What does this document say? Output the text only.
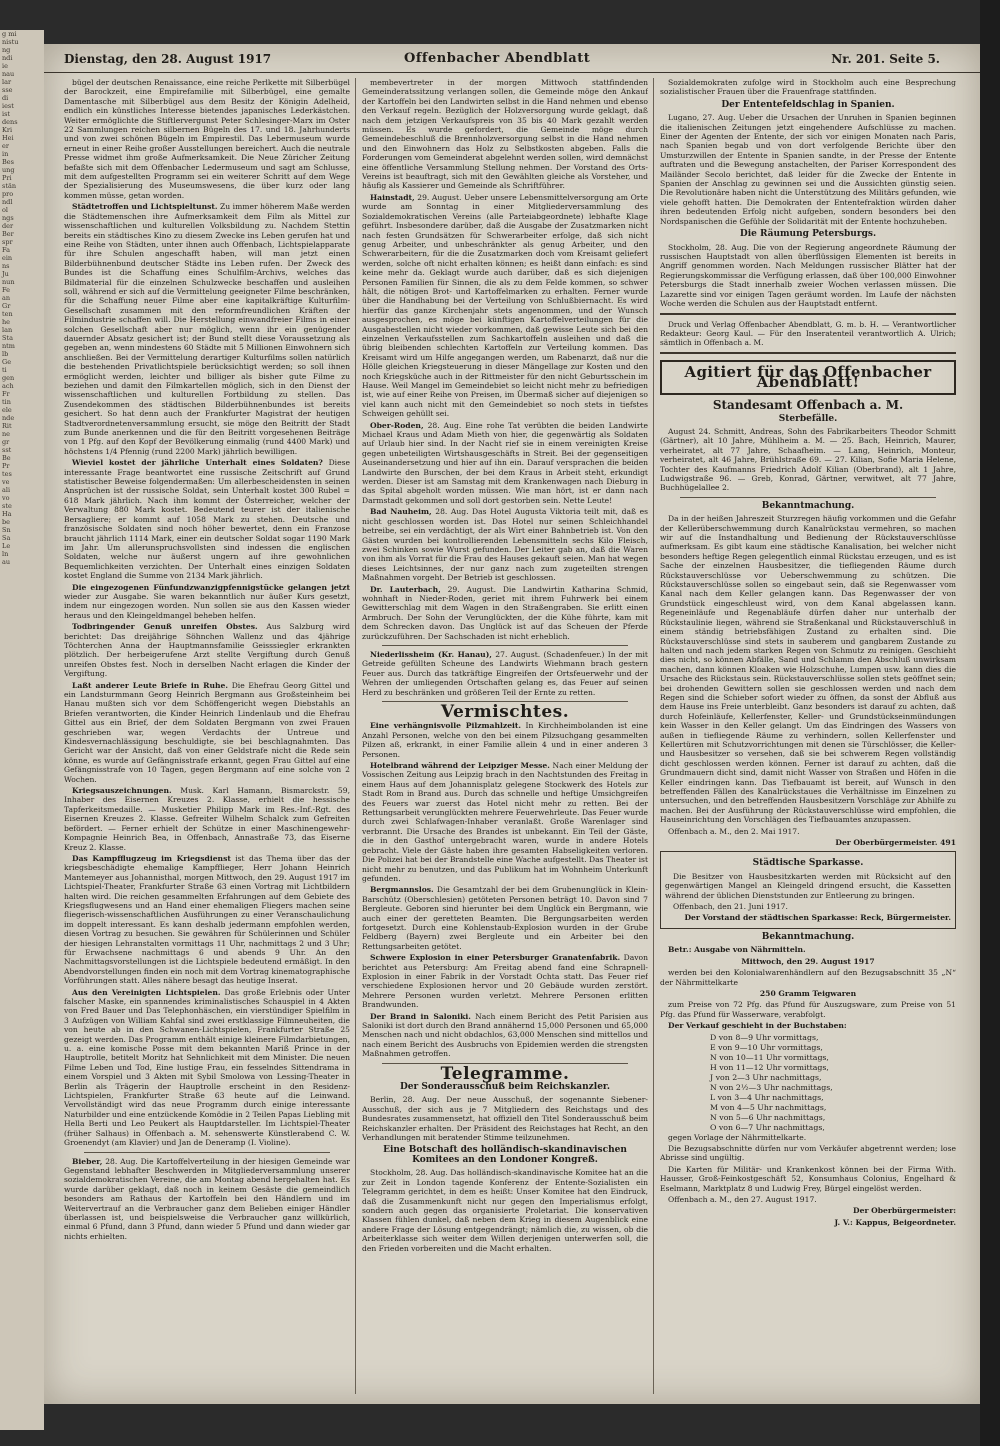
g mi
nistu
ng
ndi
ie
nau
lar
sse
di
iest
ist
dens
Kri
Hei
er
in
Bes
ung
Pri
stän
pro
ndl
ol
ngs
der
Ber
spr
Fa
ein
ns
Ju
nun
Fe
an
Gr
ten
he
lan
Sta
ntm
lb
Ge
ti
gen
ach
Fr
tin
ele
nde
Rit
ne
gr
sst
Be
Pr
tes
ve
ali
vo
ste
Ha
be
Sn
Sa
Le
ln
au
Dienstag, den 28. August 1917	Offenbacher Abendblatt	Nr. 201. Seite 5.

bügel der deutschen Renaissance, eine reiche Perlkette mit Silberbügel der Barockzeit, eine Empirefamilie mit Silberbügel, eine gemalte Damentasche mit Silberbügel aus dem Besitz der Königin Adelheid, endlich ein künstliches Interesse bietendes japanisches Lederkästchen. Weiter ermöglichte die Stiftlervergunst Peter Schlesinger-Marx im Oster 22 Sammlungen reichen silbernen Bügeln des 17. und 18. Jahrhunderts und von zwei schönen Bügeln im Empirestil. Das Lebermuseum wurde erneut in einer Reihe großer Ausstellungen bereichert. Auch die neutrale Presse widmet ihm große Aufmerksamkeit. Die Neue Züricher Zeitung befaßte sich mit dem Offenbacher Ledermuseum und sagt am Schlusse, mit dem aufgestellten Programm sei ein weiterer Schritt auf dem Wege der Spezialisierung des Museumswesens, die über kurz oder lang kommen müsse, getan worden.

Städtetroffen und Lichtspieltunst. Zu immer höherem Maße werden die Städtemenschen ihre Aufmerksamkeit dem Film als Mittel zur wissenschaftlichen und kulturellen Volksbildung zu. Nachdem Stettin bereits ein städtisches Kino zu diesem Zwecke ins Leben gerufen hat und eine Reihe von Städten, unter ihnen auch Offenbach, Lichtspielapparate für ihre Schulen angeschafft haben, will man jetzt einen Bilderbühnenbund deutscher Städte ins Leben rufen. Der Zweck des Bundes ist die Schaffung eines Schulfilm-Archivs, welches das Bildmaterial für die einzelnen Schulzwecke beschaffen und ausleihen soll, während er sich auf die Vermittelung geeigneter Filme beschränken, für die Schaffung neuer Filme aber eine kapitalkräftige Kulturfilm-Gesellschaft zusammen mit den reformfreundlichen Kräften der Filmindustrie schaffen will. Die Herstellung einwandfreier Films in einer solchen Gesellschaft aber nur möglich, wenn ihr ein genügender dauernder Absatz gesichert ist; der Bund stellt diese Voraussetzung als gegeben an, wenn mindestens 60 Städte mit 5 Millionen Einwohnern sich anschließen. Bei der Vermittelung derartiger Kulturfilms sollen natürlich die bestehenden Privatlichtspiele berücksichtigt werden; so soll ihnen ermöglicht werden, leichter und billiger als bisher gute Filme zu beziehen und damit den Filmkartellen möglich, sich in den Dienst der wissenschaftlichen und kulturellen Fortbildung zu stellen. Das Zusendekommen des städtischen Bilderbühnenbundes ist bereits gesichert. So hat denn auch der Frankfurter Magistrat der heutigen Stadtverordnetenversammlung ersucht, sie möge den Beitritt der Stadt zum Bunde anerkennen und die für den Beitritt vorgesehenen Beiträge von 1 Pfg. auf den Kopf der Bevölkerung einmalig (rund 4400 Mark) und höchstens 1/4 Pfennig (rund 2200 Mark) jährlich bewilligen.

Wieviel kostet der jährliche Unterhalt eines Soldaten? Diese interessante Frage beantwortet eine russische Zeitschrift auf Grund statistischer Beweise folgendermaßen: Um allerbescheidensten in seinen Ansprüchen ist der russische Soldat, sein Unterhalt kostet 300 Rubel = 618 Mark jährlich. Nach ihm kommt der Österreicher, welcher der Verwaltung 880 Mark kostet. Bedeutend teurer ist der italienische Bersagliere; er kommt auf 1058 Mark zu stehen. Deutsche und französische Soldaten sind noch höher bewertet, denn ein Franzose braucht jährlich 1114 Mark, einer ein deutscher Soldat sogar 1190 Mark im Jahr. Um allerunspruchsvollsten sind indessen die englischen Soldaten, welche nur äußerst ungern auf ihre gewohnlichen Bequemlichkeiten verzichten. Der Unterhalt eines einzigen Soldaten kostet England die Summe von 2134 Mark jährlich.

Die eingezogenen Fünfundzwanzigpfennigstücke gelangen jetzt wieder zur Ausgabe. Sie waren bekanntlich nur äußer Kurs gesetzt, indem nur eingezogen worden. Nun sollen sie aus den Kassen wieder heraus und den Kleingeldmangel beheben helfen.

Todbringender Genuß unreifen Obstes. Aus Salzburg wird berichtet: Das dreijährige Söhnchen Wallenz und das 4jährige Töchterchen Anna der Hauptmannsfamilie Geisssiegler erkrankten plötzlich. Der herbeigerufene Arzt stellte Vergiftung durch Genuß unreifen Obstes fest. Noch in derselben Nacht erlagen die Kinder der Vergiftung.

Laßt anderer Leute Briefe in Ruhe. Die Ehefrau Georg Gittel und ein Landsturmmann Georg Heinrich Bergmann aus Großsteinheim bei Hanau mußten sich vor dem Schöffengericht wegen Diebstahls an Briefen verantworten, die Kinder Heinrich Lindenlaub und die Ehefrau Gittel aus ein Brief, der dem Soldaten Bergmann von zwei Frauen geschrieben war, wegen Verdachts der Untreue und Kindesvernachlässigung beschuldigte, sie bei beschlagnahmten. Das Gericht war der Ansicht, daß von einer Geldstrafe nicht die Rede sein könne, es wurde auf Gefängnisstrafe erkannt, gegen Frau Gittel auf eine Gefängnisstrafe von 10 Tagen, gegen Bergmann auf eine solche von 2 Wochen.

Kriegsauszeichnungen. Musk. Karl Hamann, Bismarckstr. 59, Inhaber des Eisernen Kreuzes 2. Klasse, erhielt die hessische Tapferkeitsmedaille. — Musketier Philipp Mark im Res.-Inf.-Rgt. des Eisernen Kreuzes 2. Klasse. Gefreiter Wilhelm Schalck zum Gefreiten befördert. — Ferner erhielt der Schütze in einer Maschinengewehr-Kompagnie Heinrich Bea, in Offenbach, Annastraße 73, das Eiserne Kreuz 2. Klasse.

Das Kampfflugzeug im Kriegsdienst ist das Thema über das der kriegsbeschädigte ehemalige Kampfflieger, Herr Johann Heinrich Mantemeyer aus Johannisthal, morgen Mittwoch, den 29. August 1917 im Lichtspiel-Theater, Frankfurter Straße 63 einen Vortrag mit Lichtbildern halten wird. Die reichen gesammelten Erfahrungen auf dem Gebiete des Kriegsflugwesens und an Hand einer ehemaligen Fliegers machen seine fliegerisch-wissenschaftlichen Ausführungen zu einer Veranschaulichung im doppelt interessant. Es kann deshalb jedermann empfohlen werden, diesen Vortrag zu besuchen. Sie gewähren für Schülerinnen und Schüler der hiesigen Lehranstalten vormittags 11 Uhr, nachmittags 2 und 3 Uhr; für Erwachsene nachmittags 6 und abends 9 Uhr. An den Nachmittagsvorstellungen ist die Lichtspiele bedeutend ermäßigt. In den Abendvorstellungen finden ein noch mit dem Vortrag kinematographische Vorführungen statt. Alles nähere besagt das heutige Inserat.

Aus den Vereinigten Lichtspielen. Das große Erlebnis oder Unter falscher Maske, ein spannendes kriminalistisches Schauspiel in 4 Akten von Fred Bauer und Das Telephonhäschen, ein vierstündiger Spielfilm in 3 Aufzügen von William Kahfal sind zwei erstklassige Filmneuheiten, die von heute ab in den Schwanen-Lichtspielen, Frankfurter Straße 25 gezeigt werden. Das Programm enthält einige kleinere Filmdarbietungen, u. a. eine komische Posse mit dem bekannten Mariß Prince in der Hauptrolle, betitelt Moritz hat Sehnlichkeit mit dem Minister. Die neuen Filme Leben und Tod, Eine lustige Frau, ein fesselndes Sittendrama in einem Vorspiel und 3 Akten mit Sybil Smolowa von Lessing-Theater in Berlin als Trägerin der Hauptrolle erscheint in den Residenz-Lichtspielen, Frankfurter Straße 63 heute auf die Leinwand. Vervollständigt wird das neue Programm durch einige interessante Naturbilder und eine entzückende Komödie in 2 Teilen Papas Liebling mit Hella Berti und Leo Peukert als Hauptdarsteller. Im Lichtspiel-Theater (früher Salhaus) in Offenbach a. M. sehenswerte Künstlerabend C. W. Groenendyt (am Klavier) und Jan de Deneramp (I. Violine).

Bieber, 28. Aug. Die Kartoffelverteilung in der hiesigen Gemeinde war Gegenstand lebhafter Beschwerden in Mitgliederversammlung unserer sozialdemokratischen Vereine, die am Montag abend hergehalten hat. Es wurde darüber geklagt, daß noch in keinem Gesäste die gemeindlich besonders am Rathaus der Kartoffeln bei den Händlern und im Weitervertrauf an die Verbraucher ganz dem Belieben einiger Händler überlassen ist, und beispielsweise die Verbraucher ganz willkürlich, einmal 6 Pfund, dann 3 Pfund, dann wieder 5 Pfund und dann wieder gar nichts erhielten.

membevertreter in der morgen Mittwoch stattfindenden Gemeinderatssitzung verlangen sollen, die Gemeinde möge den Ankauf der Kartoffeln bei den Landwirten selbst in die Hand nehmen und ebenso den Verkauf regeln. Bezüglich der Holzversorgung wurde geklagt, daß nach dem jetzigen Verkaufspreis von 35 bis 40 Mark gezahlt werden müssen. Es wurde gefordert, die Gemeinde möge durch Gemeindebeschluß die Brennholzversorgung selbst in die Hand nehmen und den Einwohnern das Holz zu Selbstkosten abgeben. Falls die Forderungen vom Gemeinderat abgelehnt werden sollen, wird demnächst eine öffentliche Versammlung Stellung nehmen. Der Vorstand des Orts-Vereins ist beauftragt, sich mit den Gewählten gleiche als Vorsteher, und häufig als Kassierer und Gemeinde als Schriftführer.

Hainstadt, 29. August. Ueber unsere Lebensmittelversorgung am Orte wurde am Sonntag in einer Mitgliederversammlung des Sozialdemokratischen Vereins (alle Parteiabgeordnete) lebhafte Klage geführt. Insbesondere darüber, daß die Ausgabe der Zusatzmarken nicht nach festen Grundsätzen für Schwerarbeiter erfolge, daß sich nicht genug Arbeiter, und unbeschränkter als genug Arbeiter, und den Schwerarbeitern, für die die Zusatzmarken doch vom Kreisamt geliefert werden, solche oft nicht erhalten können; es heißt dann einfach: es sind keine mehr da. Geklagt wurde auch darüber, daß es sich diejenigen Personen Familien für Sinnen, die als zu dem Felde kommen, so schwer hält, die nötigen Brot- und Kartoffelmarken zu erhalten. Ferner wurde über die Handhabung bei der Verteilung von Schlußbiernacht. Es wird hierfür das ganze Kirchenjahr stets angenommen, und der Wunsch ausgesprochen, es möge bei künftigen Kartoffelverteilungen für die Ausgabestellen nicht wieder vorkommen, daß gewisse Leute sich bei den einzelnen Verkaufsstellen zum Sachkartoffeln ausleihen und daß die übrig bleibenden schlechten Kartoffeln zur Verteilung kommen. Das Kreisamt wird um Hilfe angegangen werden, um Rabenarzt, daß nur die Hölle gleichen Kriegsteuerung in dieser Mängellage zur Kosten und den noch Kriegsküche auch in der Rittmeister für den nicht Geburtsschein im Hause. Weil Mangel im Gemeindebiet so leicht nicht mehr zu befriedigen ist, wie auf einer Reihe von Preisen, im Übermaß sicher auf diejenigen so viel kann auch nicht mit den Gemeindebiet so noch stets in tiefstes Schweigen gehüllt sei.

Ober-Roden, 28. Aug. Eine rohe Tat verübten die beiden Landwirte Michael Kraus und Adam Mieth von hier, die gegenwärtig als Soldaten auf Urlaub hier sind. In der Nacht rief sie in einem vereinigten Kreise gegen unbeteiligten Wirtshausgeschäfts in Streit. Bei der gegenseitigen Auseinandersetzung und hier auf ihn ein. Darauf versprachen die beiden Landwirte den Burschen, der bei dem Kraus in Arbeit steht, erkundigt werden. Dieser ist am Samstag mit dem Krankenwagen nach Dieburg in das Spital abgeholt worden müssen. Wie man hört, ist er dann nach Darmstadt gekommen und soll dort gestorben sein. Nette Leute!

Bad Nauheim, 28. Aug. Das Hotel Augusta Viktoria teilt mit, daß es nicht geschlossen worden ist. Das Hotel nur seinen Schleichhandel betreibe, sei ein verdächtigt, der als Wirt einer Bahnbetrieb ist. Von den Gästen wurden bei kontrollierenden Lebensmitteln sechs Kilo Fleisch, zwei Schinken sowie Wurst gefunden. Der Leiter gab an, daß die Waren von ihm als Vorrat für die Frau des Hauses gekauft seien. Man hat wegen dieses Leichtsinnes, der nur ganz nach zum zugeteilten strengen Maßnahmen vorgeht. Der Betrieb ist geschlossen.

Dr. Lauterbach, 29. August. Die Landwirtin Katharina Schmid, wohnhaft in Nieder-Roden, geriet mit ihrem Fuhrwerk bei einem Gewitterschlag mit dem Wagen in den Straßengraben. Sie erlitt einen Armbruch. Der Sohn der Verunglückten, der die Kühe führte, kam mit dem Schrecken davon. Das Unglück ist auf das Scheuen der Pferde zurückzuführen. Der Sachschaden ist nicht erheblich.

Niederlissheim (Kr. Hanau), 27. August. (Schadenfeuer.) In der mit Getreide gefüllten Scheune des Landwirts Wiehmann brach gestern Feuer aus. Durch das tatkräftige Eingreifen der Ortsfeuerwehr und der Wehren der umliegenden Ortschaften gelang es, das Feuer auf seinen Herd zu beschränken und größeren Teil der Ernte zu retten.

Vermischtes.

Eine verhängnisvolle Pilzmahlzeit. In Kirchheimbolanden ist eine Anzahl Personen, welche von den bei einem Pilzsuchgang gesammelten Pilzen aß, erkrankt, in einer Familie allein 4 und in einer anderen 3 Personen.

Hotelbrand während der Leipziger Messe. Nach einer Meldung der Vossischen Zeitung aus Leipzig brach in den Nachtstunden des Freitag in einem Haus auf dem Johannisplatz gelegene Stockwerk des Hotels zur Stadt Rom in Brand aus. Durch das schnelle und heftige Umsichgreifen des Feuers war zuerst das Hotel nicht mehr zu retten. Bei der Rettungsarbeit verunglückten mehrere Feuerwehrleute. Das Feuer wurde durch zwei Schlafwagen-Inhaber veranlaßt. Große Warenlager sind verbrannt. Die Ursache des Brandes ist unbekannt. Ein Teil der Gäste, die in den Gasthof untergebracht waren, wurde in andere Hotels gebracht. Viele der Gäste haben ihre gesamten Habseligkeiten verloren. Die Polizei hat bei der Brandstelle eine Wache aufgestellt. Das Theater ist nicht mehr zu benutzen, und das Publikum hat im Wohnheim Unterkunft gefunden.

Bergmannslos. Die Gesamtzahl der bei dem Grubenunglück in Klein-Barschütz (Oberschlesien) getöteten Personen beträgt 10. Davon sind 7 Bergleute. Geboren sind hierunter bei dem Unglück ein Bergmann, wie auch einer der geretteten Beamten. Die Bergungsarbeiten werden fortgesetzt. Durch eine Kohlenstaub-Explosion wurden in der Grube Feldberg (Bayern) zwei Bergleute und ein Arbeiter bei den Rettungsarbeiten getötet.

Schwere Explosion in einer Petersburger Granatenfabrik. Davon berichtet aus Petersburg: Am Freitag abend fand eine Schrapnell-Explosion in einer Fabrik in der Vorstadt Ochta statt. Das Feuer rief verschiedene Explosionen hervor und 20 Gebäude wurden zerstört. Mehrere Personen wurden verletzt. Mehrere Personen erlitten Brandwunden.

Der Brand in Saloniki. Nach einem Bericht des Petit Parisien aus Saloniki ist dort durch den Brand annähernd 15,000 Personen und 65,000 Menschen nach und nicht obdachlos, 63,000 Menschen sind mittellos und nach einem Bericht des Ausbruchs von Epidemien werden die strengsten Maßnahmen getroffen.

Telegramme.
Der Sonderausschuß beim Reichskanzler.

Berlin, 28. Aug. Der neue Ausschuß, der sogenannte Siebener-Ausschuß, der sich aus je 7 Mitgliedern des Reichstags und des Bundesrates zusammensetzt, hat offiziell den Titel Sonderausschuß beim Reichskanzler erhalten. Der Präsident des Reichstages hat Recht, an den Verhandlungen mit beratender Stimme teilzunehmen.

Eine Botschaft des holländisch-skandinavischen Komitees an den Londoner Kongreß.

Stockholm, 28. Aug. Das holländisch-skandinavische Komitee hat an die zur Zeit in London tagende Konferenz der Entente-Sozialisten ein Telegramm gerichtet, in dem es heißt: Unser Komitee hat den Eindruck, daß die Zusammenkunft nicht nur gegen den Imperialismus erfolgt, sondern auch gegen das organisierte Proletariat. Die konservativen Klassen fühlen dunkel, daß neben dem Krieg in diesem Augenblick eine andere Frage der Lösung entgegendrängt; nämlich die, zu wissen, ob die Arbeiterklasse sich weiter dem Willen derjenigen unterwerfen soll, die den Frieden vorbereiten und die Macht erhalten.

Sozialdemokraten zufolge wird in Stockholm auch eine Besprechung sozialistischer Frauen über die Frauenfrage stattfinden.

Der Ententefeldschlag in Spanien.

Lugano, 27. Aug. Ueber die Ursachen der Unruhen in Spanien beginnen die italienischen Zeitungen jetzt eingehendere Aufschlüsse zu machen. Einer der Agenten der Entente, der sich vor einigen Monaten nach Paris, nach Spanien begab und von dort verfolgende Berichte über den Umsturzwillen der Entente in Spanien sandte, in der Presse der Entente auftraten und die Bewegung anstachelten, der Pariser Korrespondent des Mailänder Secolo berichtet, daß leider für die Zwecke der Entente in Spanien der Anschlag zu gewinnen sei und die Aussichten günstig seien. Die Revolutionäre haben nicht die Unterstützung des Militärs gefunden, wie viele gehofft hatten. Die Demokraten der Ententefraktion würden daher ihren bedeutenden Erfolg nicht aufgeben, sondern besonders bei den Nordspanischen die Gefühle der Solidarität mit der Entente hochzuheben.

Die Räumung Petersburgs.

Stockholm, 28. Aug. Die von der Regierung angeordnete Räumung der russischen Hauptstadt von allen überflüssigen Elementen ist bereits in Angriff genommen worden. Nach Meldungen russischer Blätter hat der Regierungskommissar die Verfügung erlassen, daß über 100,000 Einwohner Petersburgs die Stadt innerhalb zweier Wochen verlassen müssen. Die Lazarette sind vor einigen Tagen geräumt worden. Im Laufe der nächsten Woche werden die Schulen aus der Hauptstadt entfernt.

Druck und Verlag Offenbacher Abendblatt, G. m. b. H. — Verantwortlicher Redakteur: Georg Kaul. — Für den Inseratenteil verantwortlich A. Ulrich; sämtlich in Offenbach a. M.

Agitiert für das Offenbacher Abendblatt!
Standesamt Offenbach a. M.
Sterbefälle.

August 24. Schmitt, Andreas, Sohn des Fabrikarbeiters Theodor Schmitt (Gärtner), alt 10 Jahre, Mühlheim a. M. — 25. Bach, Heinrich, Maurer, verheiratet, alt 77 Jahre, Schaafheim. — Lang, Heinrich, Monteur, verheiratet, alt 46 Jahre, Brühlstraße 69. — 27. Kilian, Sofie Maria Helene, Tochter des Kaufmanns Friedrich Adolf Kilian (Oberbrand), alt 1 Jahre, Ludwigstraße 96. — Greb, Konrad, Gärtner, verwitwet, alt 77 Jahre, Buchhügelallee 2.

Bekanntmachung.

Da in der heißen Jahreszeit Sturzregen häufig vorkommen und die Gefahr der Kellerüberschwemmung durch Kanalrückstau vermehren, so machen wir auf die Instandhaltung und Bedienung der Rückstauverschlüsse aufmerksam. Es gibt kaum eine städtische Kanalisation, bei welcher nicht besonders heftige Regen gelegentlich einmal Rückstau erzeugen, und es ist Sache der einzelnen Hausbesitzer, die tiefliegenden Räume durch Rückstauverschlüsse vor Ueberschwemmung zu schützen. Die Rückstauverschlüsse sollen so eingebaut sein, daß sie Regenwasser vom Kanal nach dem Keller gelangen kann. Das Regenwasser der von Grundstück eingeschleust wird, von dem Kanal abgelassen kann. Regeneinläufe und Regenabläufe dürfen daher nur unterhalb der Rückstaulinie liegen, während sie Straßenkanal und Rückstauverschluß in einem ständig betriebsfähigen Zustand zu erhalten sind. Die Rückstauverschlüsse sind stets in sauberem und gangbarem Zustande zu halten und nach jedem starken Regen von Schmutz zu reinigen. Geschieht dies nicht, so können Abfälle, Sand und Schlamm den Abschluß unwirksam machen, dann können Kloaken wie Holzschuhe, Lumpen usw. kann dies die Ursache des Rückstaus sein. Rückstauverschlüsse sollen stets geöffnet sein; bei drohenden Gewittern sollen sie geschlossen werden und nach dem Regen sind die Schieber sofort wieder zu öffnen, da sonst der Abfluß aus dem Hause ins Freie unterbleibt. Ganz besonders ist darauf zu achten, daß durch Hofeinläufe, Kellerfenster, Keller- und Grundstückseinmündungen kein Wasser in den Keller gelangt. Um das Eindringen des Wassers von außen in tiefliegende Räume zu verhindern, sollen Kellerfenster und Kellertüren mit Schutzvorrichtungen mit denen sie Türschlösser, die Keller- und Hausbesitzer so versehen, daß sie bei schwerem Regen vollständig dicht geschlossen werden können. Ferner ist darauf zu achten, daß die Grundmauern dicht sind, damit nicht Wasser von Straßen und Höfen in die Keller eindringen kann. Das Tiefbauamt ist bereit, auf Wunsch in den betreffenden Fällen des Kanalrückstaues die Verhältnisse im Einzelnen zu untersuchen, und den betreffenden Hausbesitzern Vorschläge zur Abhilfe zu machen. Bei der Ausführung der Rückstauverschlüsse wird empfohlen, die Hauseinrichtung den Vorschlägen des Tiefbauamtes anzupassen.

Offenbach a. M., den 2. Mai 1917.

Der Oberbürgermeister. 491

Städtische Sparkasse.

Die Besitzer von Hausbesitzkarten werden mit Rücksicht auf den gegenwärtigen Mangel an Kleingeld dringend ersucht, die Kassetten während der üblichen Dienststunden zur Entleerung zu bringen.

Offenbach, den 21. Juni 1917.

Der Vorstand der städtischen Sparkasse: Reck, Bürgermeister.

Bekanntmachung.

Betr.: Ausgabe von Nährmitteln.

Mittwoch, den 29. August 1917

werden bei den Kolonialwarenhändlern auf den Bezugsabschnitt 35 „N“ der Nährmittelkarte

250 Gramm Teigwaren

zum Preise von 72 Pfg. das Pfund für Auszugsware, zum Preise von 51 Pfg. das Pfund für Wasserware, verabfolgt.

Der Verkauf geschieht in der Buchstaben:

D von 8—9 Uhr vormittags,
E von 9—10 Uhr vormittags,
N von 10—11 Uhr vormittags,
H von 11—12 Uhr vormittags,
J von 2—3 Uhr nachmittags,
N von 2½—3 Uhr nachmittags,
L von 3—4 Uhr nachmittags,
M von 4—5 Uhr nachmittags,
N von 5—6 Uhr nachmittags,
O von 6—7 Uhr nachmittags,

gegen Vorlage der Nährmittelkarte.

Die Bezugsabschnitte dürfen nur vom Verkäufer abgetrennt werden; lose Abrisse sind ungültig.

Die Karten für Militär- und Krankenkost können bei der Firma With. Hausser, Groß-Feinkostgeschäft 52, Konsumhaus Colonius, Engelhard & Eselmann, Marktplatz 8 und Ludwig Frey, Bürgel eingelöst werden.

Offenbach a. M., den 27. August 1917.

Der Oberbürgermeister:

J. V.: Kappus, Beigeordneter.
